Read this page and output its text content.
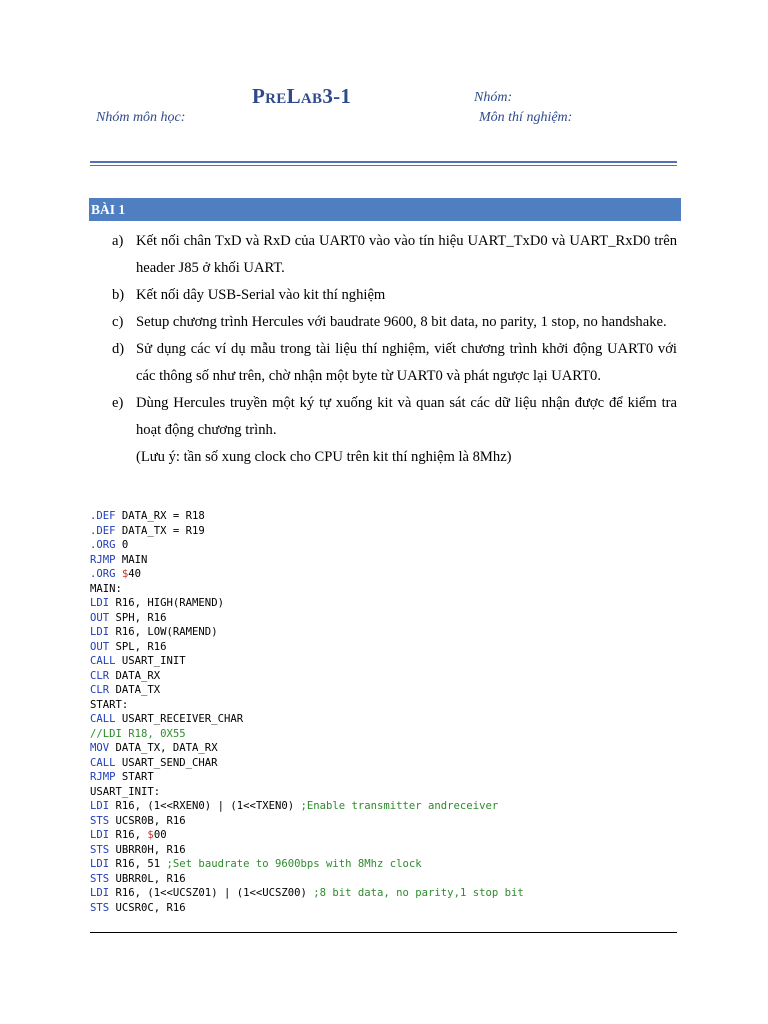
PRELAB3-1	Nhóm:
Nhóm môn học:	Môn thí nghiệm:
BÀI 1
a) Kết nối chân TxD và RxD của UART0 vào vào tín hiệu UART_TxD0 và UART_RxD0 trên header J85 ở khối UART.
b) Kết nối dây USB-Serial vào kit thí nghiệm
c) Setup chương trình Hercules với baudrate 9600, 8 bit data, no parity, 1 stop, no handshake.
d) Sử dụng các ví dụ mẫu trong tài liệu thí nghiệm, viết chương trình khởi động UART0 với các thông số như trên, chờ nhận một byte từ UART0 và phát ngược lại UART0.
e) Dùng Hercules truyền một ký tự xuống kit và quan sát các dữ liệu nhận được để kiểm tra hoạt động chương trình.
(Lưu ý: tần số xung clock cho CPU trên kit thí nghiệm là 8Mhz)
.DEF DATA_RX = R18
.DEF DATA_TX = R19
.ORG 0
RJMP MAIN
.ORG $40
MAIN:
LDI R16, HIGH(RAMEND)
OUT SPH, R16
LDI R16, LOW(RAMEND)
OUT SPL, R16
CALL USART_INIT
CLR DATA_RX
CLR DATA_TX
START:
CALL USART_RECEIVER_CHAR
//LDI R18, 0X55
MOV DATA_TX, DATA_RX
CALL USART_SEND_CHAR
RJMP START
USART_INIT:
LDI R16, (1<<RXEN0) | (1<<TXEN0) ;Enable transmitter andreceiver
STS UCSR0B, R16
LDI R16, $00
STS UBRR0H, R16
LDI R16, 51 ;Set baudrate to 9600bps with 8Mhz clock
STS UBRR0L, R16
LDI R16, (1<<UCSZ01) | (1<<UCSZ00) ;8 bit data, no parity,1 stop bit
STS UCSR0C, R16
